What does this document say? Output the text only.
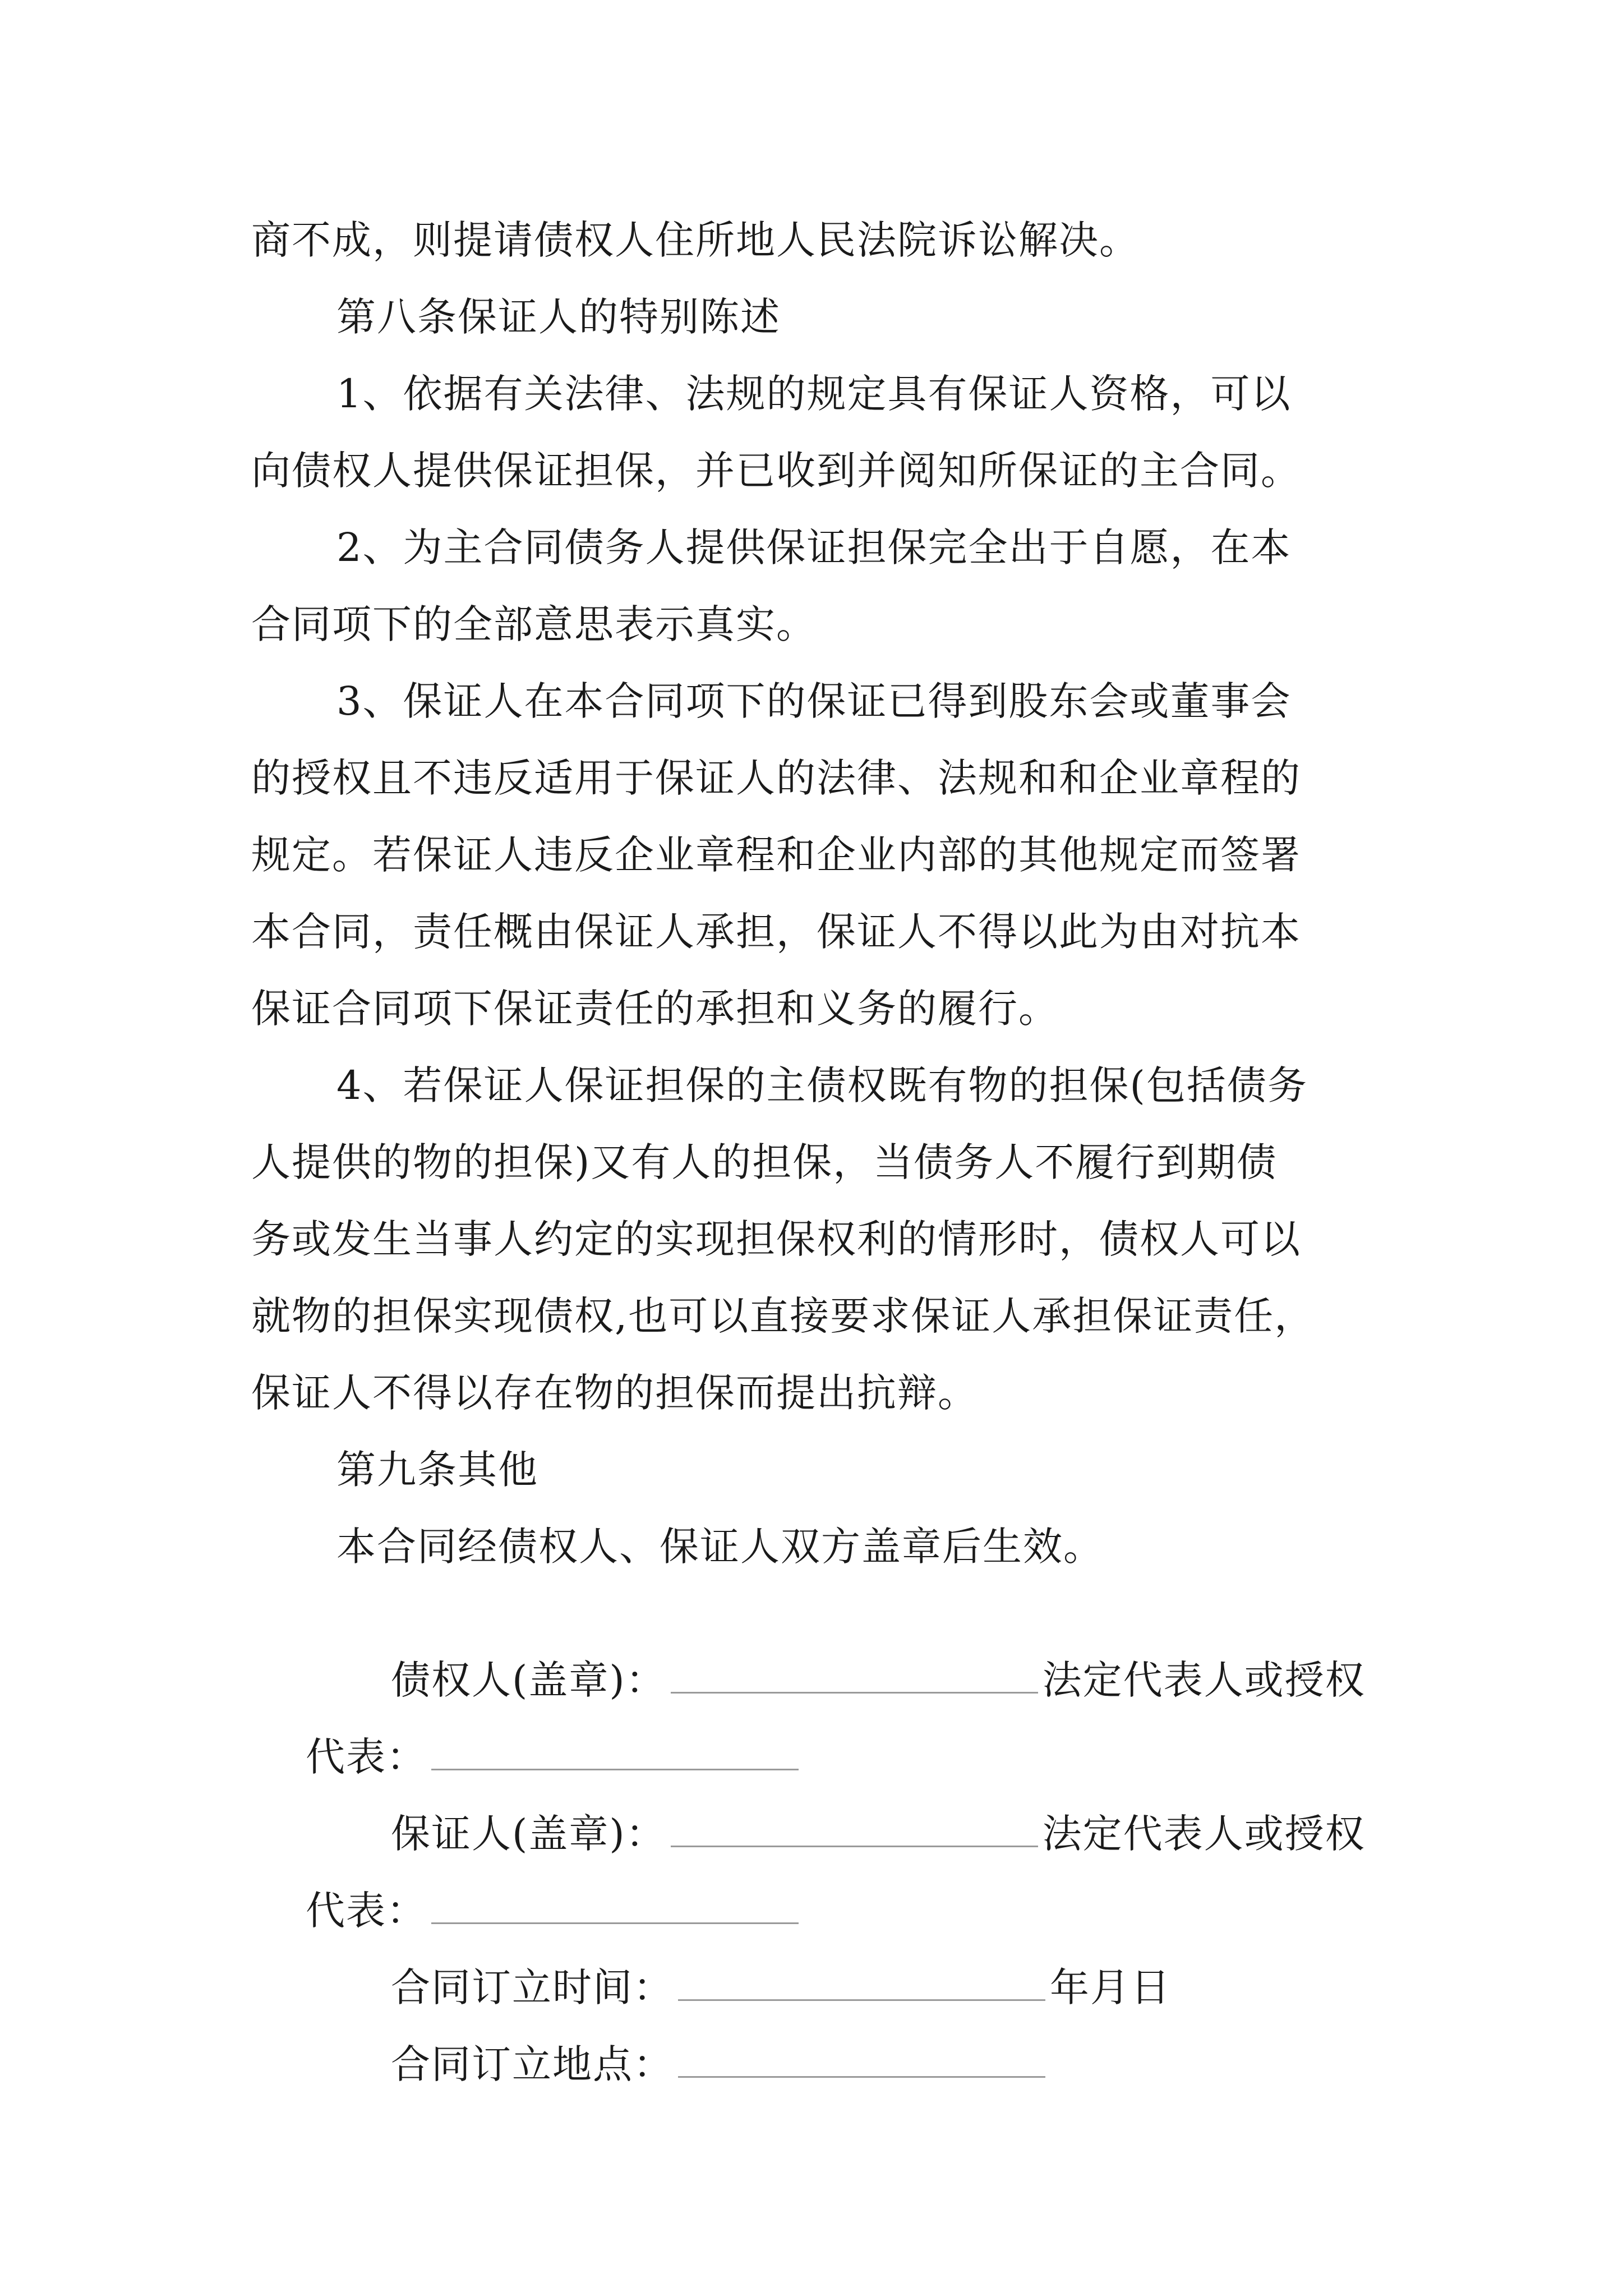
商不成，则提请债权人住所地人民法院诉讼解决。
第八条保证人的特别陈述
1、依据有关法律、法规的规定具有保证人资格，可以
向债权人提供保证担保，并已收到并阅知所保证的主合同。
2、为主合同债务人提供保证担保完全出于自愿，在本
合同项下的全部意思表示真实。
3、保证人在本合同项下的保证已得到股东会或董事会
的授权且不违反适用于保证人的法律、法规和和企业章程的
规定。若保证人违反企业章程和企业内部的其他规定而签署
本合同，责任概由保证人承担，保证人不得以此为由对抗本
保证合同项下保证责任的承担和义务的履行。
4、若保证人保证担保的主债权既有物的担保(包括债务
人提供的物的担保)又有人的担保，当债务人不履行到期债
务或发生当事人约定的实现担保权利的情形时，债权人可以
就物的担保实现债权,也可以直接要求保证人承担保证责任，
保证人不得以存在物的担保而提出抗辩。
第九条其他
本合同经债权人、保证人双方盖章后生效。

债权人(盖章)：	法定代表人或授权

代表：

保证人(盖章)：	法定代表人或授权

代表：

合同订立时间：	年月日

合同订立地点：
